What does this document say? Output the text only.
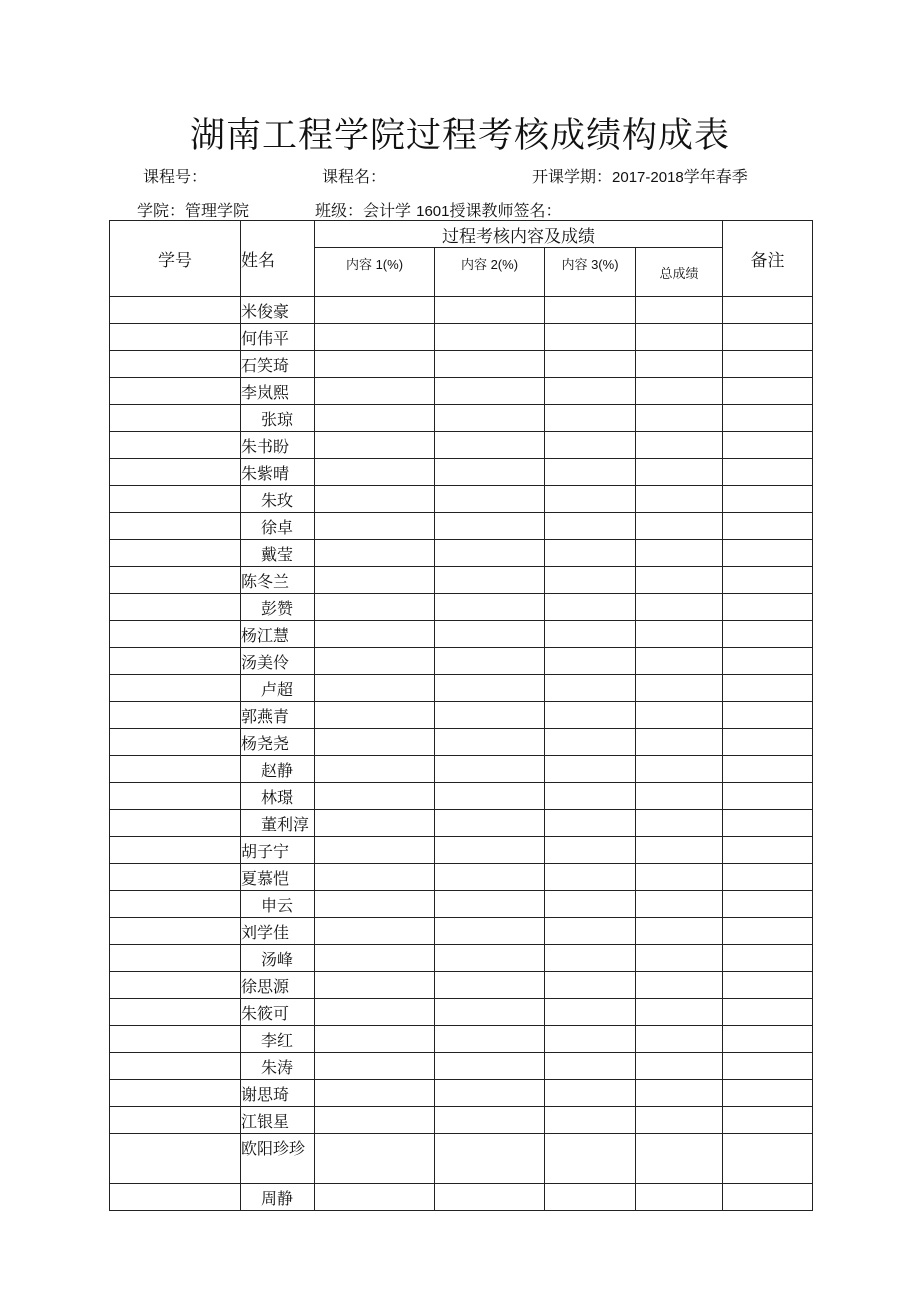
湖南工程学院过程考核成绩构成表
课程号：	课程名：	开课学期：2017-2018学年春季
学院：管理学院	班级：会计学 1601授课教师签名：
学号	姓名	过程考核内容及成绩				备注
		内容 1(%)	内容 2(%)	内容 3(%)	总成绩	
	米俊豪					
	何伟平					
	石笑琦					
	李岚熙					
	张琼					
	朱书盼					
	朱紫晴					
	朱玫					
	徐卓					
	戴莹					
	陈冬兰					
	彭赞					
	杨江慧					
	汤美伶					
	卢超					
	郭燕青					
	杨尧尧					
	赵静					
	林璟					
	董利淳					
	胡子宁					
	夏慕恺					
	申云					
	刘学佳					
	汤峰					
	徐思源					
	朱筱可					
	李红					
	朱涛					
	谢思琦					
	江银星					
	欧阳珍珍					
	周静					
